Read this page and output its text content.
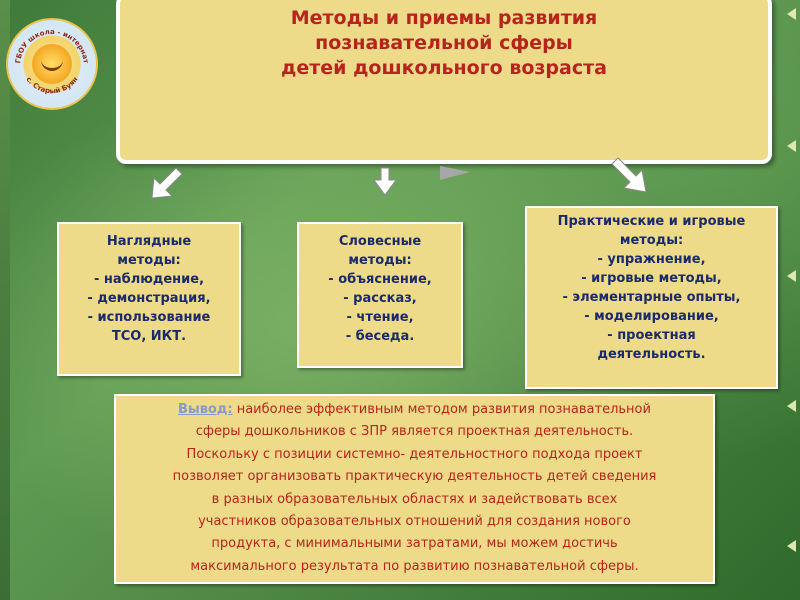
ГБОУ школа - интернат
с. Старый Буян
Методы и приемы развития
познавательной сферы
детей дошкольного возраста
Наглядные
методы:
- наблюдение,
- демонстрация,
- использование
ТСО, ИКТ.
Словесные
методы:
- объяснение,
- рассказ,
- чтение,
- беседа.
Практические и игровые
методы:
- упражнение,
- игровые методы,
- элементарные опыты,
- моделирование,
- проектная
деятельность.
Вывод: наиболее эффективным методом развития познавательной
сферы дошкольников с ЗПР является проектная деятельность.
Поскольку с позиции системно- деятельностного подхода проект
позволяет организовать практическую деятельность детей сведения
в разных образовательных областях и задействовать всех
участников образовательных отношений для создания нового
продукта, с минимальными затратами, мы можем достичь
максимального результата по развитию познавательной сферы.
